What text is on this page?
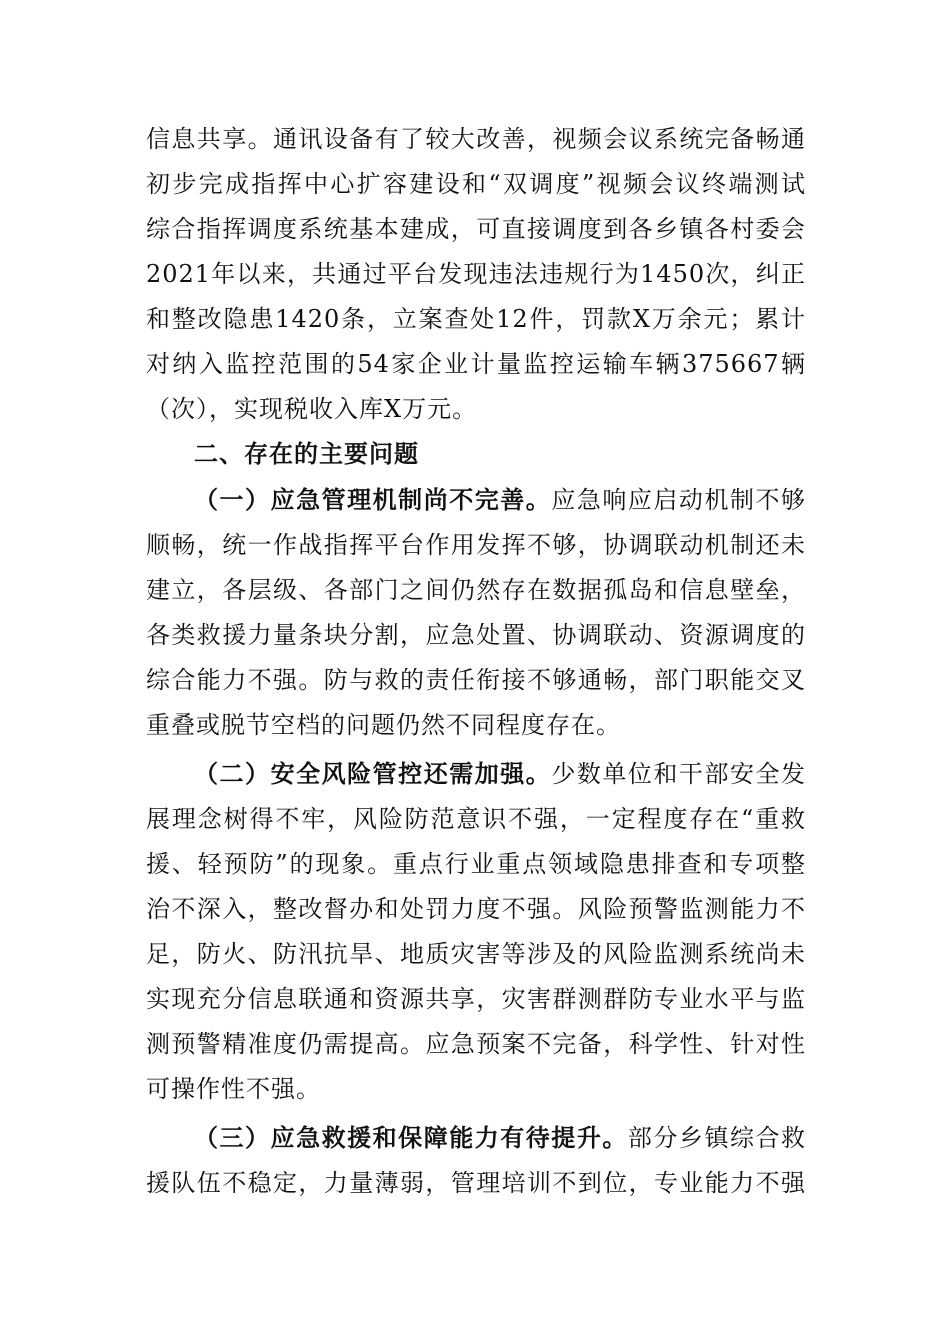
信息共享。通讯设备有了较大改善，视频会议系统完备畅通

初步完成指挥中心扩容建设和“双调度”视频会议终端测试

综合指挥调度系统基本建成，可直接调度到各乡镇各村委会

2021年以来，共通过平台发现违法违规行为1450次，纠正

和整改隐患1420条，立案查处12件，罚款X万余元；累计

对纳入监控范围的54家企业计量监控运输车辆375667辆

（次），实现税收入库X万元。

二、存在的主要问题

（一）应急管理机制尚不完善。应急响应启动机制不够

顺畅，统一作战指挥平台作用发挥不够，协调联动机制还未

建立，各层级、各部门之间仍然存在数据孤岛和信息壁垒，

各类救援力量条块分割，应急处置、协调联动、资源调度的

综合能力不强。防与救的责任衔接不够通畅，部门职能交叉

重叠或脱节空档的问题仍然不同程度存在。

（二）安全风险管控还需加强。少数单位和干部安全发

展理念树得不牢，风险防范意识不强，一定程度存在“重救

援、轻预防”的现象。重点行业重点领域隐患排查和专项整

治不深入，整改督办和处罚力度不强。风险预警监测能力不

足，防火、防汛抗旱、地质灾害等涉及的风险监测系统尚未

实现充分信息联通和资源共享，灾害群测群防专业水平与监

测预警精准度仍需提高。应急预案不完备，科学性、针对性

可操作性不强。

（三）应急救援和保障能力有待提升。部分乡镇综合救

援队伍不稳定，力量薄弱，管理培训不到位，专业能力不强
